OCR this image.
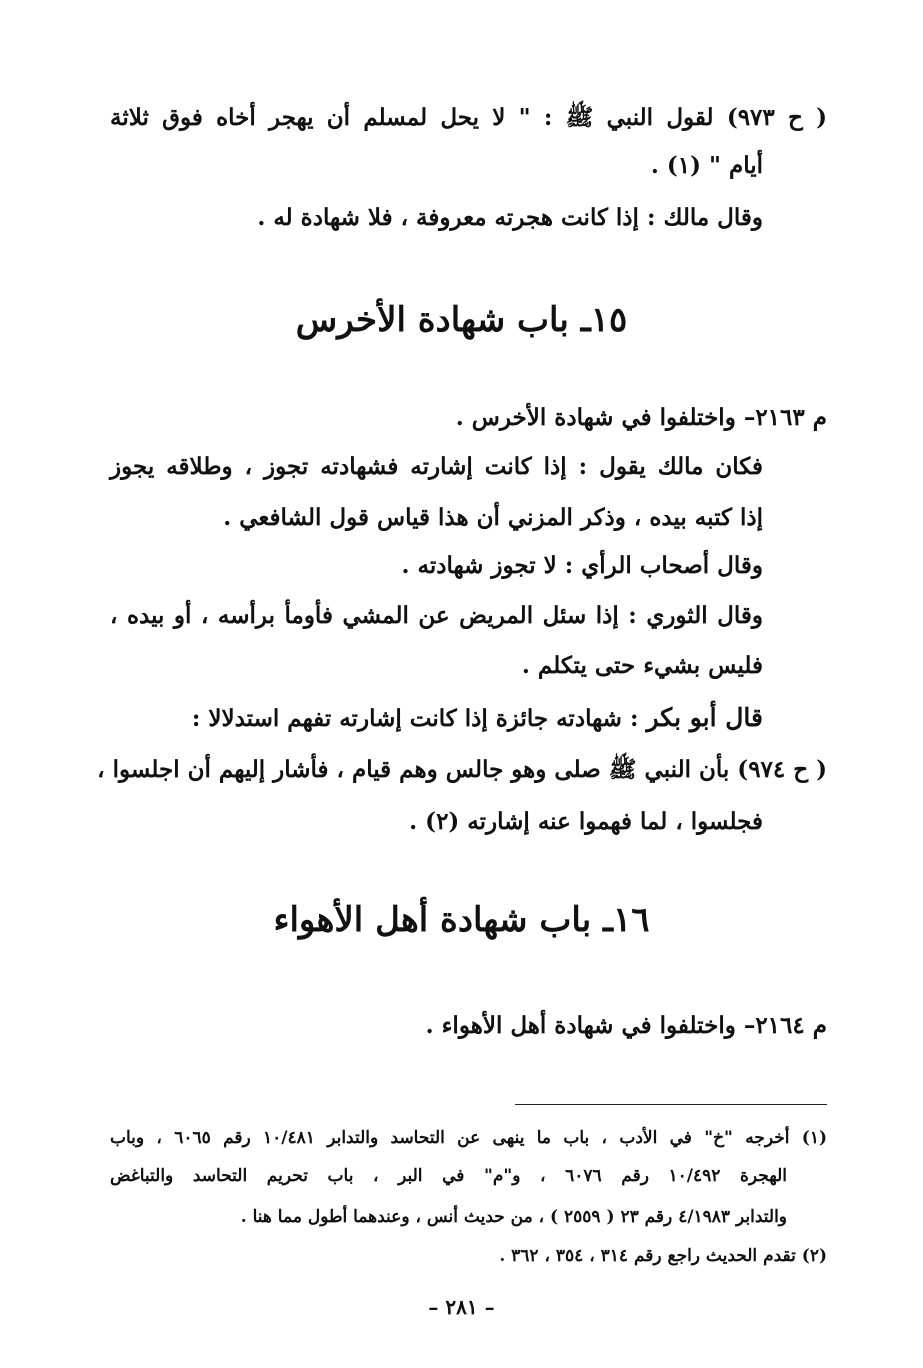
( ح ٩٧٣) لقول النبي ﷺ : " لا يحل لمسلم أن يهجر أخاه فوق ثلاثة
أيام " (١) .
وقال مالك : إذا كانت هجرته معروفة ، فلا شهادة له .
١٥ـ باب شهادة الأخرس
م ٢١٦٣– واختلفوا في شهادة الأخرس .
فكان مالك يقول : إذا كانت إشارته فشهادته تجوز ، وطلاقه يجوز
إذا كتبه بيده ، وذكر المزني أن هذا قياس قول الشافعي .
وقال أصحاب الرأي : لا تجوز شهادته .
وقال الثوري : إذا سئل المريض عن المشي فأومأ برأسه ، أو بيده ،
فليس بشيء حتى يتكلم .
قال أبو بكر : شهادته جائزة إذا كانت إشارته تفهم استدلالا :
( ح ٩٧٤) بأن النبي ﷺ صلى وهو جالس وهم قيام ، فأشار إليهم أن اجلسوا ،
فجلسوا ، لما فهموا عنه إشارته (٢) .
١٦ـ باب شهادة أهل الأهواء
م ٢١٦٤– واختلفوا في شهادة أهل الأهواء .
(١) أخرجه "خ" في الأدب ، باب ما ينهى عن التحاسد والتدابر ١٠/٤٨١ رقم ٦٠٦٥ ، وباب
الهجرة ١٠/٤٩٢ رقم ٦٠٧٦ ، و"م" في البر ، باب تحريم التحاسد والتباغض
والتدابر ٤/١٩٨٣ رقم ٢٣ ( ٢٥٥٩ ) ، من حديث أنس ، وعندهما أطول مما هنا .
(٢) تقدم الحديث راجع رقم ٣١٤ ، ٣٥٤ ، ٣٦٢ .
– ٢٨١ –
